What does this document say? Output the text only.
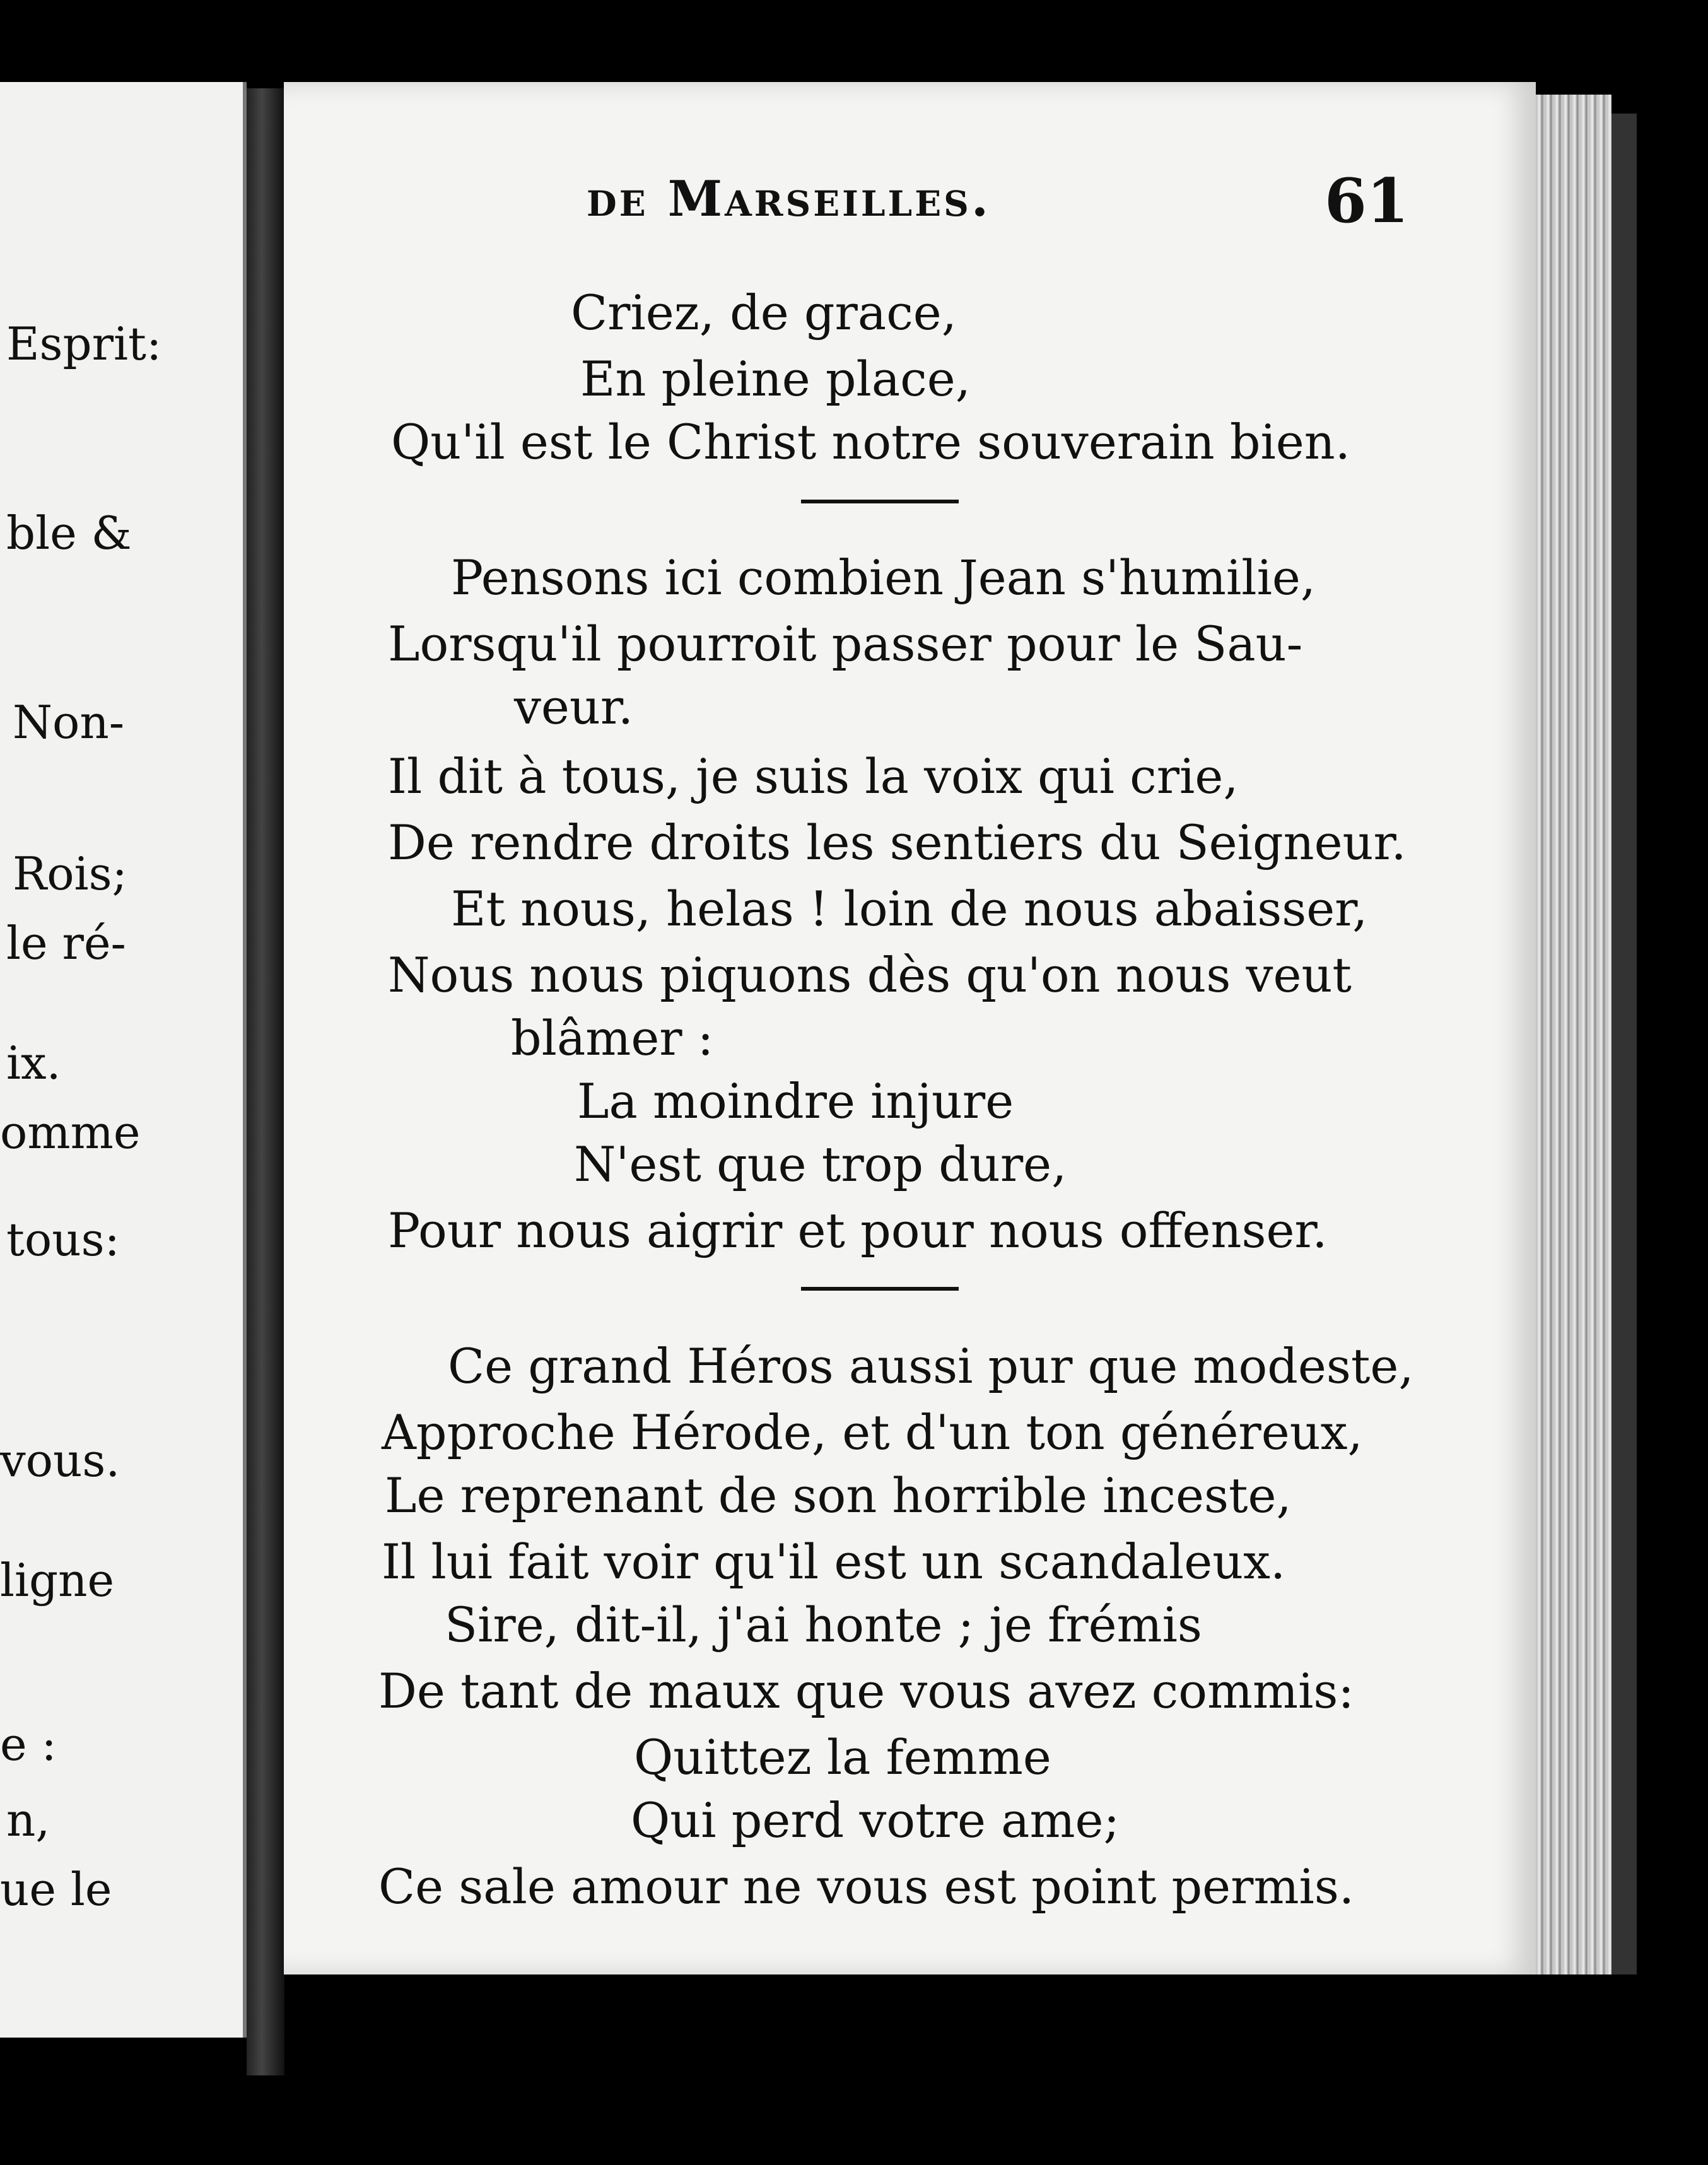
Esprit:
ble &
Non-
Rois;
le ré-
ix.
omme
tous:
vous.
ligne
e :
n,
ue le
de Marseilles.	61
Criez, de grace,
En pleine place,
Qu'il est le Christ notre souverain bien.
Pensons ici combien Jean s'humilie,
Lorsqu'il pourroit passer pour le Sau-
veur.
Il dit à tous, je suis la voix qui crie,
De rendre droits les sentiers du Seigneur.
Et nous, helas ! loin de nous abaisser,
Nous nous piquons dès qu'on nous veut
blâmer :
La moindre injure
N'est que trop dure,
Pour nous aigrir et pour nous offenser.
Ce grand Héros aussi pur que modeste,
Approche Hérode, et d'un ton généreux,
Le reprenant de son horrible inceste,
Il lui fait voir qu'il est un scandaleux.
Sire, dit-il, j'ai honte ; je frémis
De tant de maux que vous avez commis:
Quittez la femme
Qui perd votre ame;
Ce sale amour ne vous est point permis.
